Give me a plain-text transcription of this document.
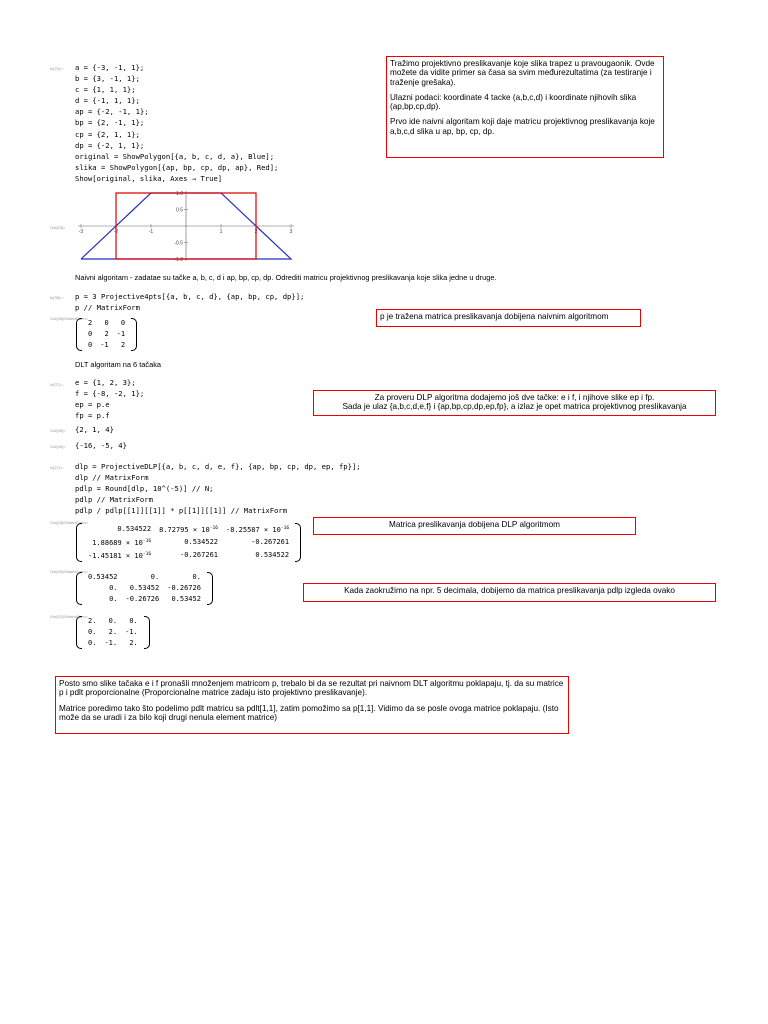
In[23]:= a = {-3, -1, 1};
b = {3, -1, 1};
c = {1, 1, 1};
d = {-1, 1, 1};
ap = {-2, -1, 1};
bp = {2, -1, 1};
cp = {2, 1, 1};
dp = {-2, 1, 1};
original = ShowPolygon[{a, b, c, d, a}, Blue];
slika = ShowPolygon[{ap, bp, cp, dp, ap}, Red];
Show[original, slika, Axes → True]

Tražimo projektivno preslikavanje koje slika trapez u pravougaonik. Ovde možete da vidite primer sa časa sa svim međurezultatima (za testiranje i traženje grešaka).

Ulazni podaci: koordinate 4 tacke (a,b,c,d) i koordinate njihovih slika (ap,bp,cp,dp).

Prvo ide naivni algoritam koji daje matricu projektivnog preslikavanja koje a,b,c,d slika u ap, bp, cp, dp.

Out[33]=
-3	-2	-1	1	2	3
1.0
0.5
-0.5
-1.0
Naivni algoritam - zadatae su tačke a, b, c, d i ap, bp, cp, dp. Odrediti matricu projektivnog preslikavanja koje slika jedne u druge.
In[35]:= p = 3 Projective4pts[{a, b, c, d}, {ap, bp, cp, dp}];
p // MatrixForm
Out[36]//MatrixForm=
2	0	0
0	2	-1
0	-1	2
p je tražena matrica preslikavanja dobijena naivnim algoritmom
DLT algoritam na 6 tačaka
In[37]:= e = {1, 2, 3};
f = {-8, -2, 1};
ep = p.e
fp = p.f
Za proveru DLP algoritma dodajemo još dve tačke: e i f, i njihove slike ep i fp.
Sada je ulaz {a,b,c,d,e,f} i {ap,bp,cp,dp,ep,fp}, a izlaz je opet matrica projektivnog preslikavanja
Out[39]= {2, 1, 4}
Out[40]= {-16, -5, 4}
In[27]:= dlp = ProjectiveDLP[{a, b, c, d, e, f}, {ap, bp, cp, dp, ep, fp}];
dlp // MatrixForm
pdlp = Round[dlp, 10^(-5)] // N;
pdlp // MatrixForm
pdlp / pdlp[[1]][[1]] * p[[1]][[1]] // MatrixForm
Out[28]//MatrixForm=
0.534522	$8.72795 \times 10^{-16}$	$-8.25587 \times 10^{-16}$
$1.88689 \times 10^{-16}$	0.534522	-0.267261
$-1.45181 \times 10^{-16}$	-0.267261	0.534522
Matrica preslikavanja dobijena DLP algoritmom
Out[30]//MatrixForm=
0.53452	0.	0.
0.	0.53452	-0.26726
0.	-0.26726	0.53452
Kada zaokružimo na npr. 5 decimala, dobijemo da matrica preslikavanja pdlp izgleda ovako
Out[31]//MatrixForm=
2.	0.	0.
0.	2.	-1.
0.	-1.	2.

Posto smo slike tačaka e i f pronašli množenjem matricom p, trebalo bi da se rezultat pri naivnom DLT algoritmu poklapaju, tj. da su matrice p i pdlt proporcionalne (Proporcionalne matrice zadaju isto projektivno preslikavanje).

Matrice poredimo tako što podelimo pdlt matricu sa pdlt[1,1], zatim pomožimo sa p[1,1]. Vidimo da se posle ovoga matrice poklapaju. (Isto može da se uradi i za bilo koji drugi nenula element matrice)
